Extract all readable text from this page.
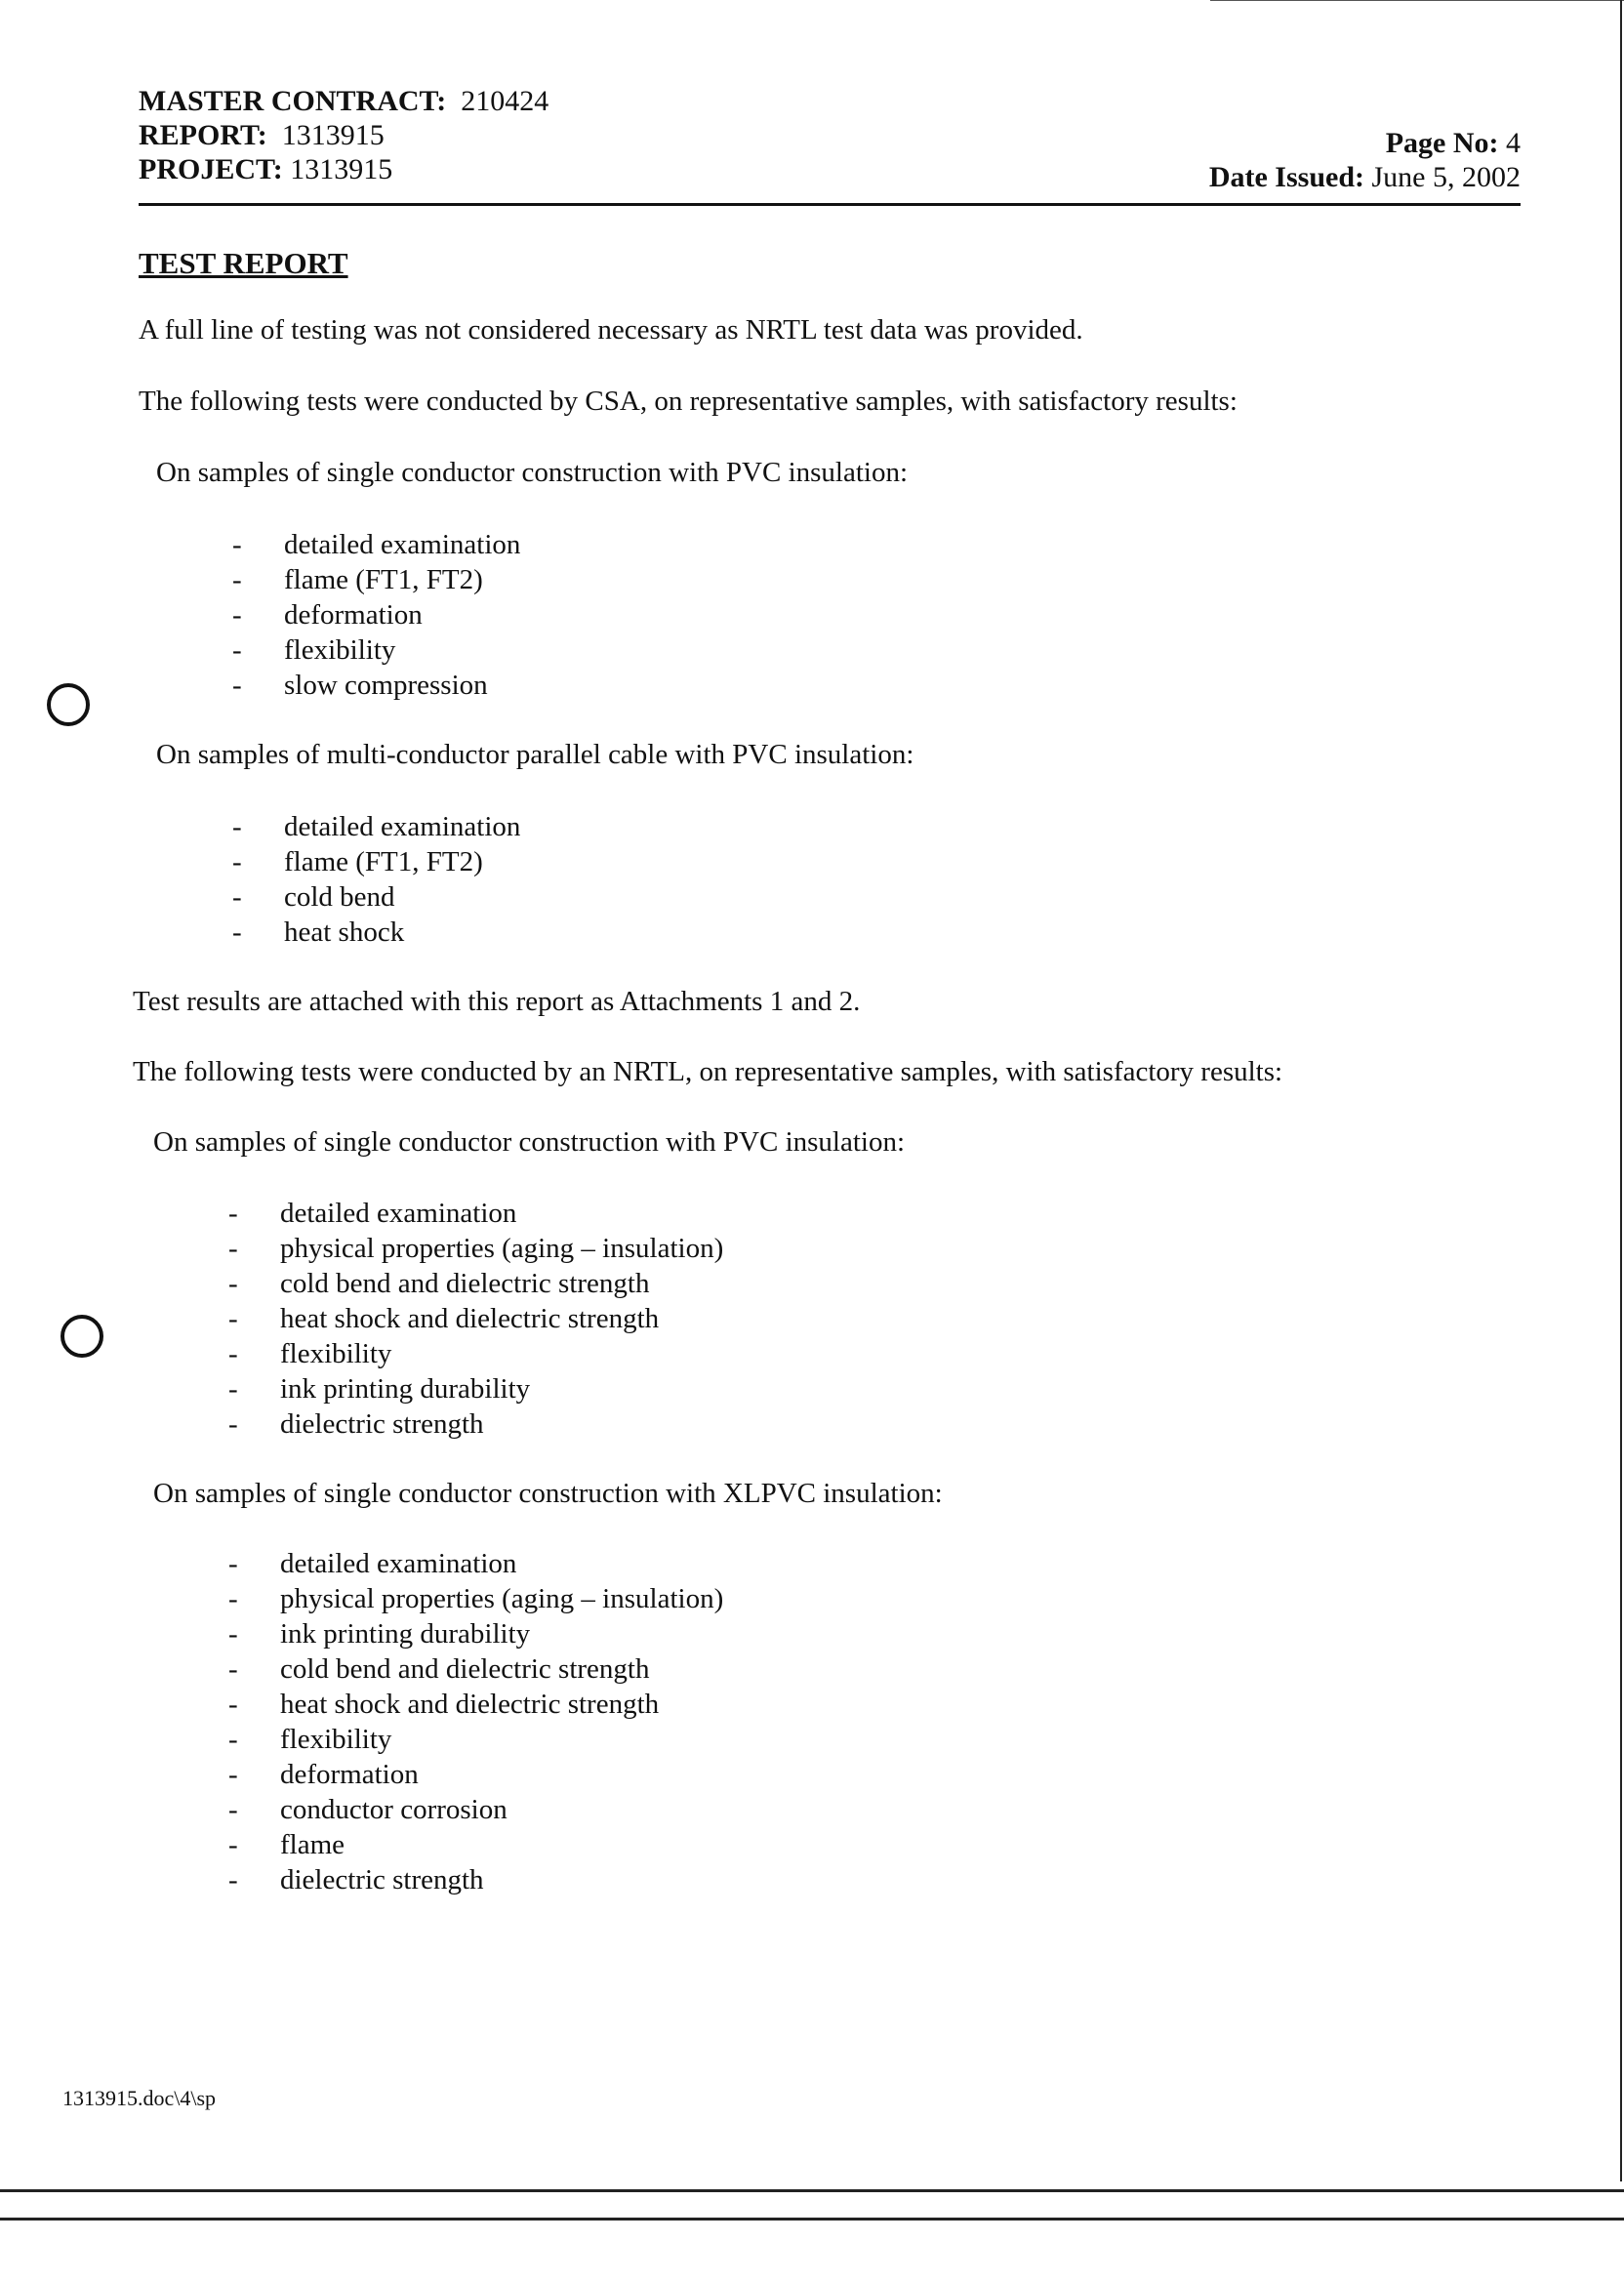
MASTER CONTRACT: 210424
REPORT: 1313915
PROJECT: 1313915
Page No: 4
Date Issued: June 5, 2002
TEST REPORT
A full line of testing was not considered necessary as NRTL test data was provided.
The following tests were conducted by CSA, on representative samples, with satisfactory results:
On samples of single conductor construction with PVC insulation:
- detailed examination
- flame (FT1, FT2)
- deformation
- flexibility
- slow compression
On samples of multi-conductor parallel cable with PVC insulation:
- detailed examination
- flame (FT1, FT2)
- cold bend
- heat shock
Test results are attached with this report as Attachments 1 and 2.
The following tests were conducted by an NRTL, on representative samples, with satisfactory results:
On samples of single conductor construction with PVC insulation:
- detailed examination
- physical properties (aging – insulation)
- cold bend and dielectric strength
- heat shock and dielectric strength
- flexibility
- ink printing durability
- dielectric strength
On samples of single conductor construction with XLPVC insulation:
- detailed examination
- physical properties (aging – insulation)
- ink printing durability
- cold bend and dielectric strength
- heat shock and dielectric strength
- flexibility
- deformation
- conductor corrosion
- flame
- dielectric strength
1313915.doc\4\sp
